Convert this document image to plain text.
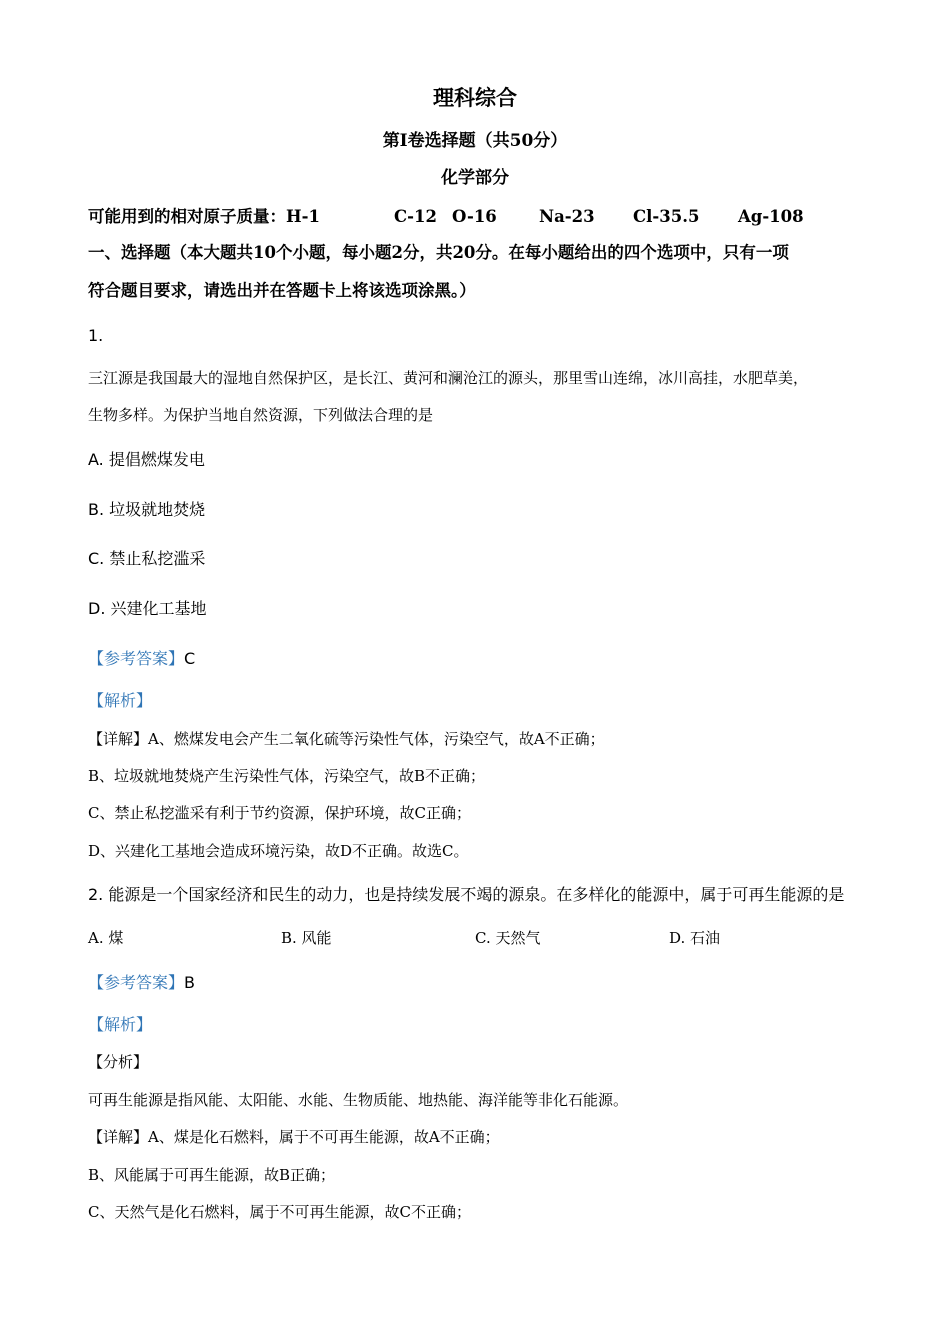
理科综合
第Ⅰ卷选择题（共50分）
化学部分
可能用到的相对原子质量：H-1	C-12 O-16	Na-23 Cl-35.5 Ag-108
一、选择题（本大题共10个小题，每小题2分，共20分。在每小题给出的四个选项中，只有一项
符合题目要求，请选出并在答题卡上将该选项涂黑。）
1.
三江源是我国最大的湿地自然保护区，是长江、黄河和澜沧江的源头，那里雪山连绵，冰川高挂，水肥草美，
生物多样。为保护当地自然资源，下列做法合理的是
A. 提倡燃煤发电
B. 垃圾就地焚烧
C. 禁止私挖滥采
D. 兴建化工基地
【参考答案】C
【解析】
【详解】A、燃煤发电会产生二氧化硫等污染性气体，污染空气，故A不正确；
B、垃圾就地焚烧产生污染性气体，污染空气，故B不正确；
C、禁止私挖滥采有利于节约资源，保护环境，故C正确；
D、兴建化工基地会造成环境污染，故D不正确。故选C。
2. 能源是一个国家经济和民生的动力，也是持续发展不竭的源泉。在多样化的能源中，属于可再生能源的是
A. 煤	B. 风能	C. 天然气	D. 石油
【参考答案】B
【解析】
【分析】
可再生能源是指风能、太阳能、水能、生物质能、地热能、海洋能等非化石能源。
【详解】A、煤是化石燃料，属于不可再生能源，故A不正确；
B、风能属于可再生能源，故B正确；
C、天然气是化石燃料，属于不可再生能源，故C不正确；
